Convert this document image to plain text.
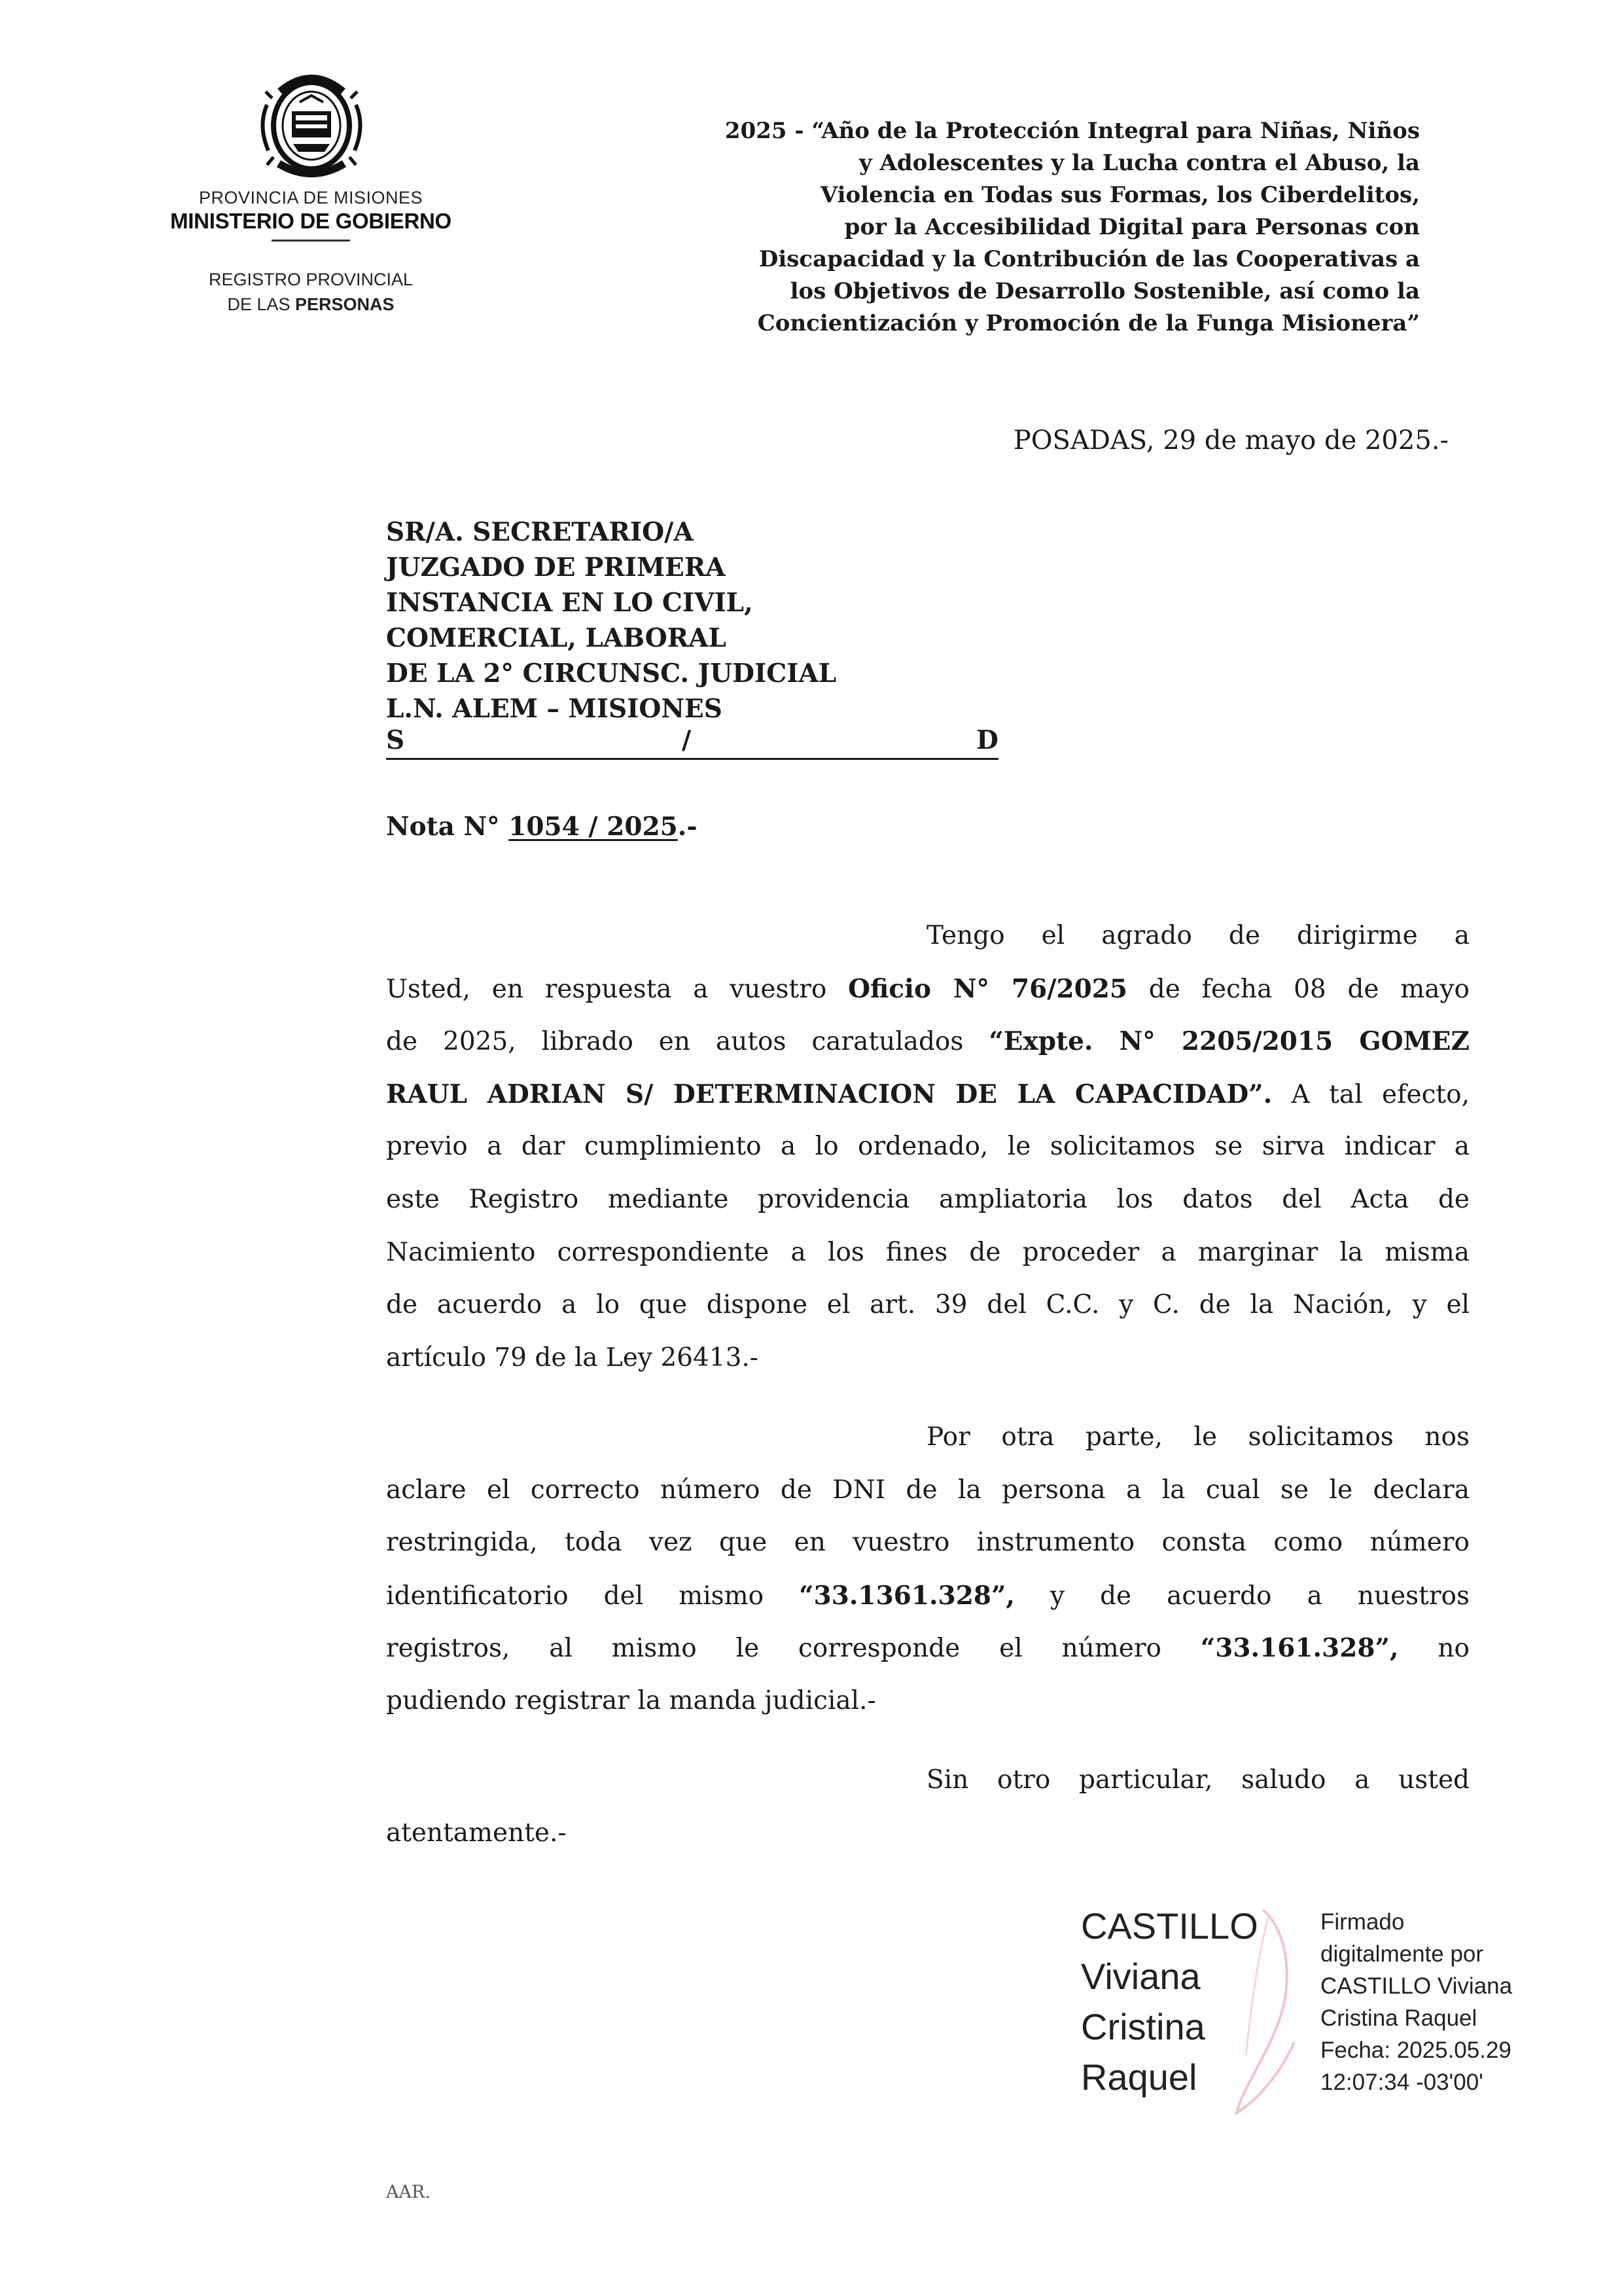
PROVINCIA DE MISIONES
MINISTERIO DE GOBIERNO
REGISTRO PROVINCIAL
DE LAS PERSONAS
2025 - “Año de la Protección Integral para Niñas, Niños
y Adolescentes y la Lucha contra el Abuso, la
Violencia en Todas sus Formas, los Ciberdelitos,
por la Accesibilidad Digital para Personas con
Discapacidad y la Contribución de las Cooperativas a
los Objetivos de Desarrollo Sostenible, así como la
Concientización y Promoción de la Funga Misionera”
POSADAS, 29 de mayo de 2025.-
SR/A. SECRETARIO/A
JUZGADO DE PRIMERA
INSTANCIA EN LO CIVIL,
COMERCIAL, LABORAL
DE LA 2° CIRCUNSC. JUDICIAL
L.N. ALEM – MISIONES
S	/	D
Nota N° 1054 / 2025.-
Tengo el agrado de dirigirme a
Usted, en respuesta a vuestro Oficio N° 76/2025 de fecha 08 de mayo
de 2025, librado en autos caratulados “Expte. N° 2205/2015 GOMEZ
RAUL ADRIAN S/ DETERMINACION DE LA CAPACIDAD”. A tal efecto,
previo a dar cumplimiento a lo ordenado, le solicitamos se sirva indicar a
este Registro mediante providencia ampliatoria los datos del Acta de
Nacimiento correspondiente a los fines de proceder a marginar la misma
de acuerdo a lo que dispone el art. 39 del C.C. y C. de la Nación, y el
artículo 79 de la Ley 26413.-
Por otra parte, le solicitamos nos
aclare el correcto número de DNI de la persona a la cual se le declara
restringida, toda vez que en vuestro instrumento consta como número
identificatorio del mismo “33.1361.328”, y de acuerdo a nuestros
registros, al mismo le corresponde el número “33.161.328”, no
pudiendo registrar la manda judicial.-
Sin otro particular, saludo a usted
atentamente.-
CASTILLO
Viviana
Cristina
Raquel
Firmado
digitalmente por
CASTILLO Viviana
Cristina Raquel
Fecha: 2025.05.29
12:07:34 -03'00'
AAR.
